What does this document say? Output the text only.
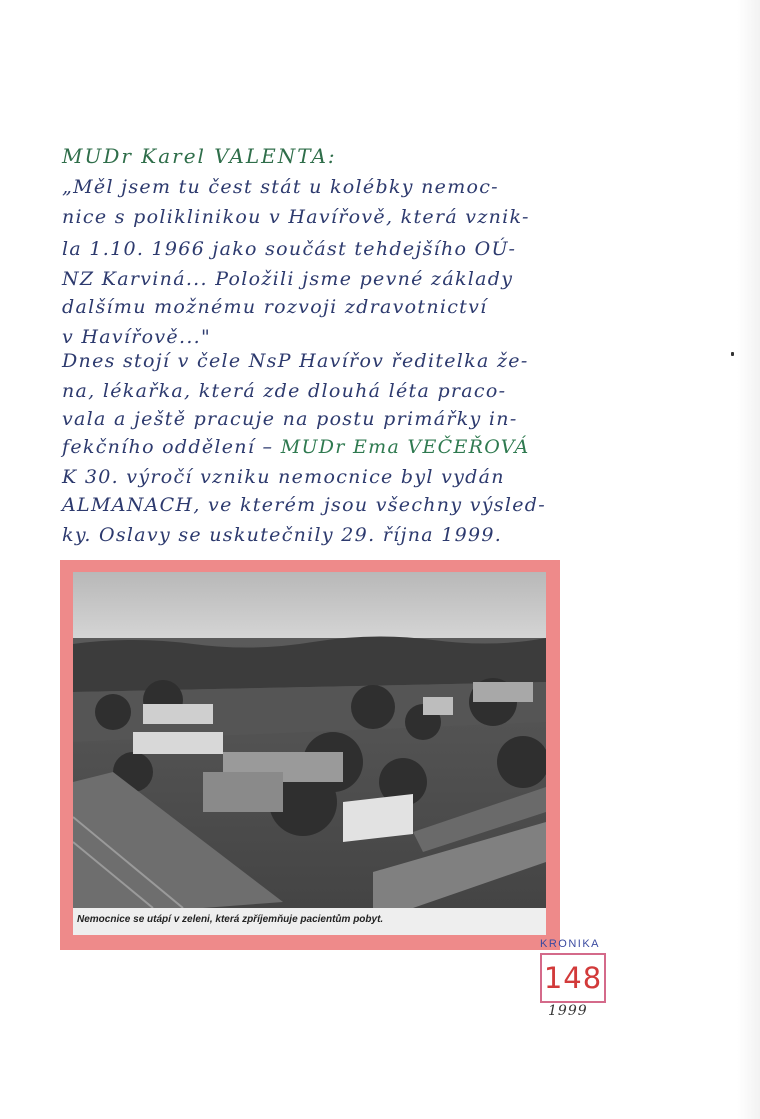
MUDr Karel VALENTA:

„Měl jsem tu čest stát u kolébky nemoc-

nice s poliklinikou v Havířově, která vznik-

la 1.10. 1966 jako součást tehdejšího OÚ-

NZ Karviná... Položili jsme pevné základy

dalšímu možnému rozvoji zdravotnictví

v Havířově..."

Dnes stojí v čele NsP Havířov ředitelka že-

na, lékařka, která zde dlouhá léta praco-

vala a ještě pracuje na postu primářky in-

fekčního oddělení – MUDr Ema VEČEŘOVÁ

K 30. výročí vzniku nemocnice byl vydán

ALMANACH, ve kterém jsou všechny výsled-

ky. Oslavy se uskutečnily 29. října 1999.

Nemocnice se utápí v zeleni, která zpříjemňuje pacientům pobyt.

KRONIKA

148

1999
